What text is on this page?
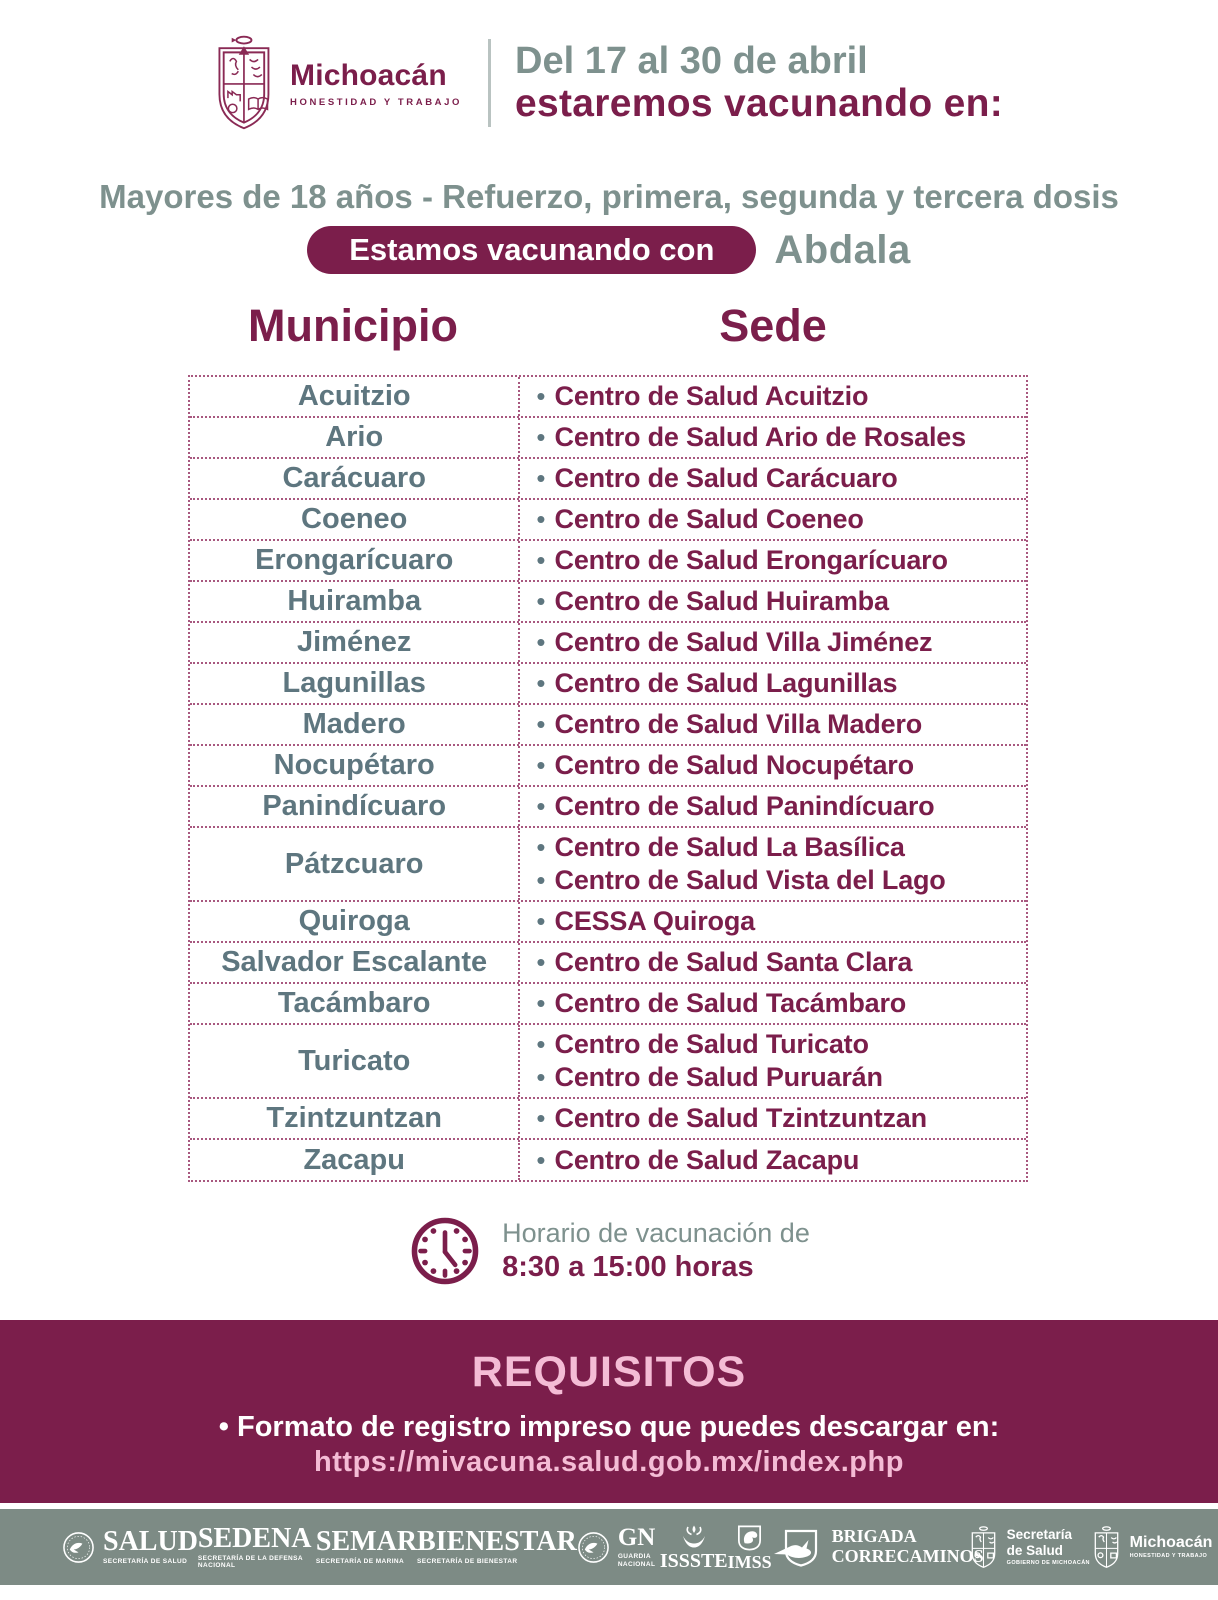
Michoacán
HONESTIDAD Y TRABAJO
Del 17 al 30 de abril
estaremos vacunando en:
Mayores de 18 años - Refuerzo, primera, segunda y tercera dosis
Estamos vacunando con	Abdala
Municipio	Sede
Acuitzio	• Centro de Salud Acuitzio
Ario	• Centro de Salud Ario de Rosales
Carácuaro	• Centro de Salud Carácuaro
Coeneo	• Centro de Salud Coeneo
Erongarícuaro	• Centro de Salud Erongarícuaro
Huiramba	• Centro de Salud Huiramba
Jiménez	• Centro de Salud Villa Jiménez
Lagunillas	• Centro de Salud Lagunillas
Madero	• Centro de Salud Villa Madero
Nocupétaro	• Centro de Salud Nocupétaro
Panindícuaro	• Centro de Salud Panindícuaro
Pátzcuaro
• Centro de Salud La Basílica
• Centro de Salud Vista del Lago
Quiroga	• CESSA Quiroga
Salvador Escalante • Centro de Salud Santa Clara
Tacámbaro	• Centro de Salud Tacámbaro
Turicato
• Centro de Salud Turicato
• Centro de Salud Puruarán
Tzintzuntzan	• Centro de Salud Tzintzuntzan
Zacapu	• Centro de Salud Zacapu
Horario de vacunación de
8:30 a 15:00 horas
REQUISITOS
• Formato de registro impreso que puedes descargar en:
https://mivacuna.salud.gob.mx/index.php
SALUD
SECRETARÍA DE SALUD
SEDENA
SECRETARÍA DE LA DEFENSA NACIONAL
SEMAR
SECRETARÍA DE MARINA
BIENESTAR
SECRETARÍA DE BIENESTAR
GN
GUARDIA NACIONAL ISSSTE IMSS
BRIGADA CORRECAMINOS
Secretaría de Salud
GOBIERNO DE MICHOACÁN
Michoacán
HONESTIDAD Y TRABAJO
